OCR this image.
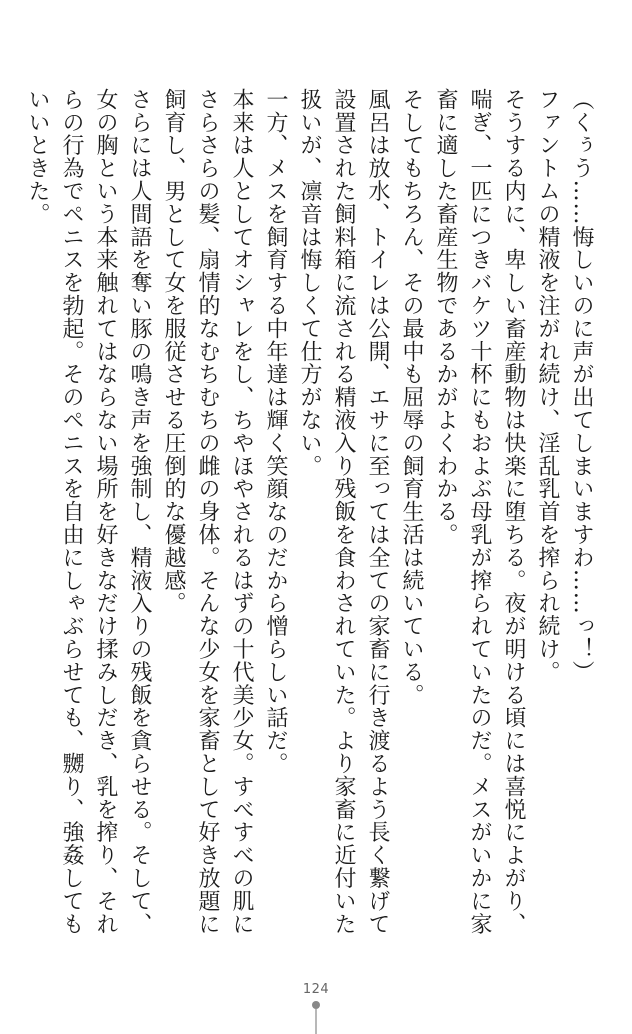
（くぅう……悔しいのに声が出てしまいますわ……っ！）

ファントムの精液を注がれ続け、淫乱乳首を搾られ続け。

そうする内に、卑しい畜産動物は快楽に堕ちる。夜が明ける頃には喜悦によがり、喘ぎ、一匹につきバケツ十杯にもおよぶ母乳が搾られていたのだ。メスがいかに家畜に適した畜産生物であるかがよくわかる。

そしてもちろん、その最中も屈辱の飼育生活は続いている。

風呂は放水、トイレは公開、エサに至っては全ての家畜に行き渡るよう長く繋げて設置された飼料箱に流される精液入り残飯を食わされていた。より家畜に近付いた扱いが、凛音は悔しくて仕方がない。

一方、メスを飼育する中年達は輝く笑顔なのだから憎らしい話だ。

本来は人としてオシャレをし、ちやほやされるはずの十代美少女。すべすべの肌にさらさらの髪、扇情的なむちむちの雌の身体。そんな少女を家畜として好き放題に飼育し、男として女を服従させる圧倒的な優越感。

さらには人間語を奪い豚の鳴き声を強制し、精液入りの残飯を貪らせる。そして、女の胸という本来触れてはならない場所を好きなだけ揉みしだき、乳を搾り、それらの行為でペニスを勃起。そのペニスを自由にしゃぶらせても、嬲り、強姦してもいいときた。

124
